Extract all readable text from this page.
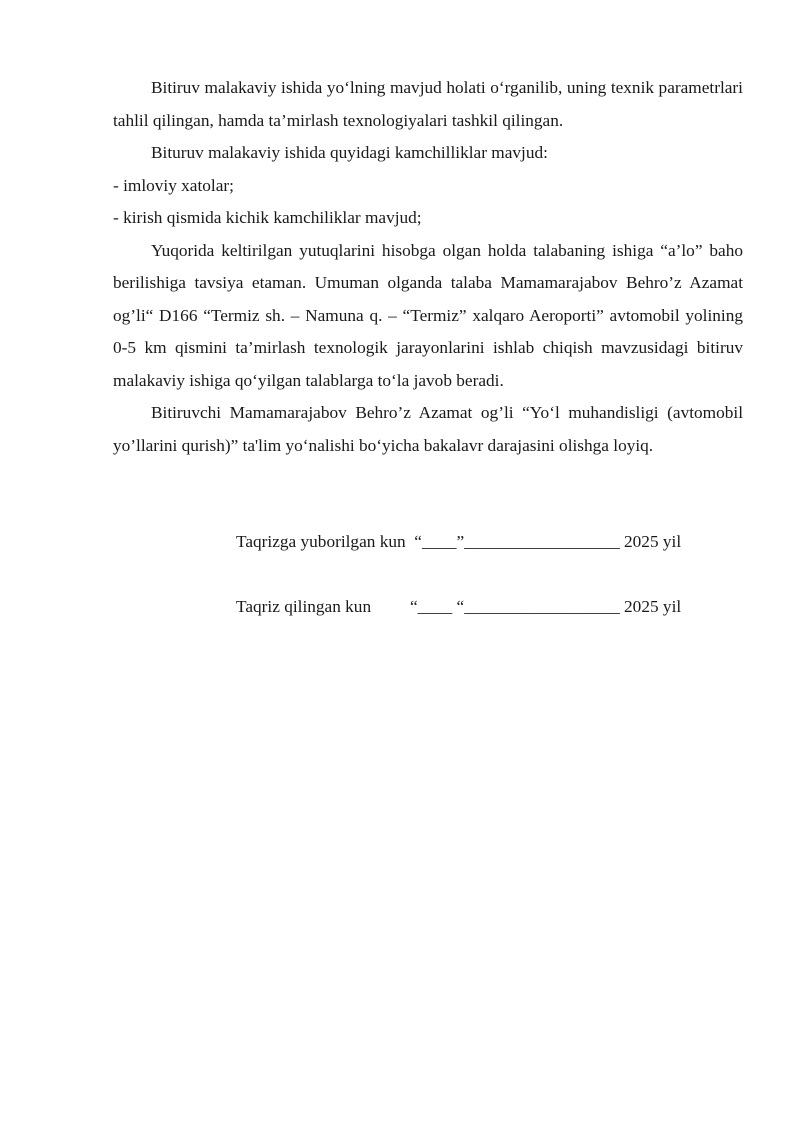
Bitiruv malakaviy ishida yo‘lning mavjud holati o‘rganilib, uning texnik parametrlari tahlil qilingan, hamda ta’mirlash texnologiyalari tashkil qilingan.

Bituruv malakaviy ishida quyidagi kamchilliklar mavjud:

- imloviy xatolar;

- kirish qismida kichik kamchiliklar mavjud;

Yuqorida keltirilgan yutuqlarini hisobga olgan holda talabaning ishiga “a’lo” baho berilishiga tavsiya etaman. Umuman olganda talaba Mamamarajabov Behro’z Azamat og’li“ D166 “Termiz sh. – Namuna q. – “Termiz” xalqaro Aeroporti” avtomobil yolining 0-5 km qismini ta’mirlash texnologik jarayonlarini ishlab chiqish mavzusidagi bitiruv malakaviy ishiga qo‘yilgan talablarga to‘la javob beradi.

Bitiruvchi Mamamarajabov Behro’z Azamat og’li “Yo‘l muhandisligi (avtomobil yo’llarini qurish)” ta'lim yo‘nalishi bo‘yicha bakalavr darajasini olishga loyiq.

Taqrizga yuborilgan kun  “____”__________________ 2025 yil
Taqriz qilingan kun         “____ “__________________ 2025 yil
